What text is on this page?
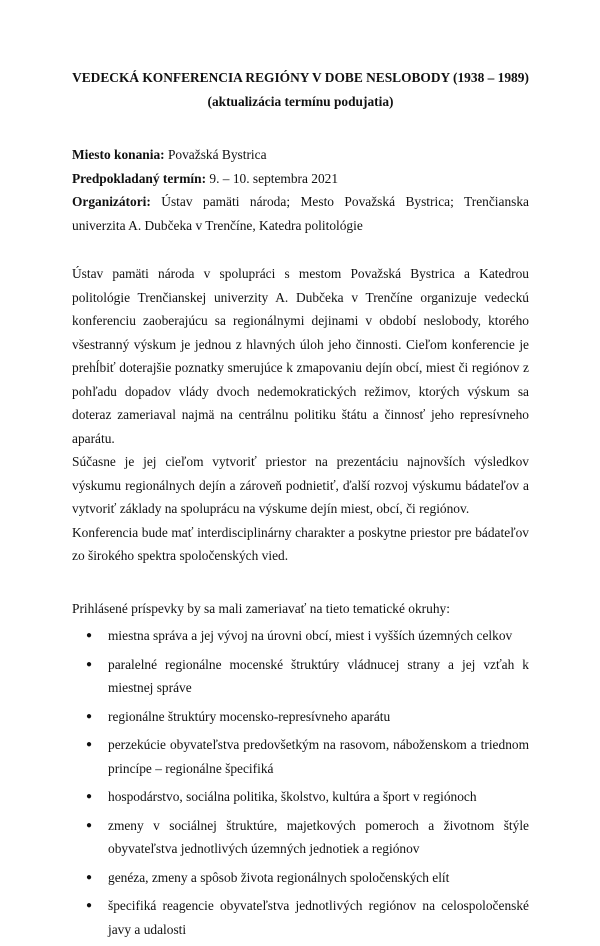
VEDECKÁ KONFERENCIA REGIÓNY V DOBE NESLOBODY (1938 – 1989)

(aktualizácia termínu podujatia)

Miesto konania: Považská Bystrica

Predpokladaný termín: 9. – 10. septembra 2021

Organizátori: Ústav pamäti národa; Mesto Považská Bystrica; Trenčianska univerzita A. Dubčeka v Trenčíne, Katedra politológie

Ústav pamäti národa v spolupráci s mestom Považská Bystrica a Katedrou politológie Trenčianskej univerzity A. Dubčeka v Trenčíne organizuje vedeckú konferenciu zaoberajúcu sa regionálnymi dejinami v období neslobody, ktorého všestranný výskum je jednou z hlavných úloh jeho činnosti. Cieľom konferencie je prehĺbiť doterajšie poznatky smerujúce k zmapovaniu dejín obcí, miest či regiónov z pohľadu dopadov vlády dvoch nedemokratických režimov, ktorých výskum sa doteraz zameriaval najmä na centrálnu politiku štátu a činnosť jeho represívneho aparátu.

Súčasne je jej cieľom vytvoriť priestor na prezentáciu najnovších výsledkov výskumu regionálnych dejín a zároveň podnietiť, ďalší rozvoj výskumu bádateľov a vytvoriť základy na spoluprácu na výskume dejín miest, obcí, či regiónov.

Konferencia bude mať interdisciplinárny charakter a poskytne priestor pre bádateľov zo širokého spektra spoločenských vied.

Prihlásené príspevky by sa mali zameriavať na tieto tematické okruhy:

● miestna správa a jej vývoj na úrovni obcí, miest i vyšších územných celkov
● paralelné regionálne mocenské štruktúry vládnucej strany a jej vzťah k miestnej správe
● regionálne štruktúry mocensko-represívneho aparátu
● perzekúcie obyvateľstva predovšetkým na rasovom, náboženskom a triednom princípe – regionálne špecifiká
● hospodárstvo, sociálna politika, školstvo, kultúra a šport v regiónoch
● zmeny v sociálnej štruktúre, majetkových pomeroch a životnom štýle obyvateľstva jednotlivých územných jednotiek a regiónov
● genéza, zmeny a spôsob života regionálnych spoločenských elít
● špecifiká reagencie obyvateľstva jednotlivých regiónov na celospoločenské javy a udalosti
